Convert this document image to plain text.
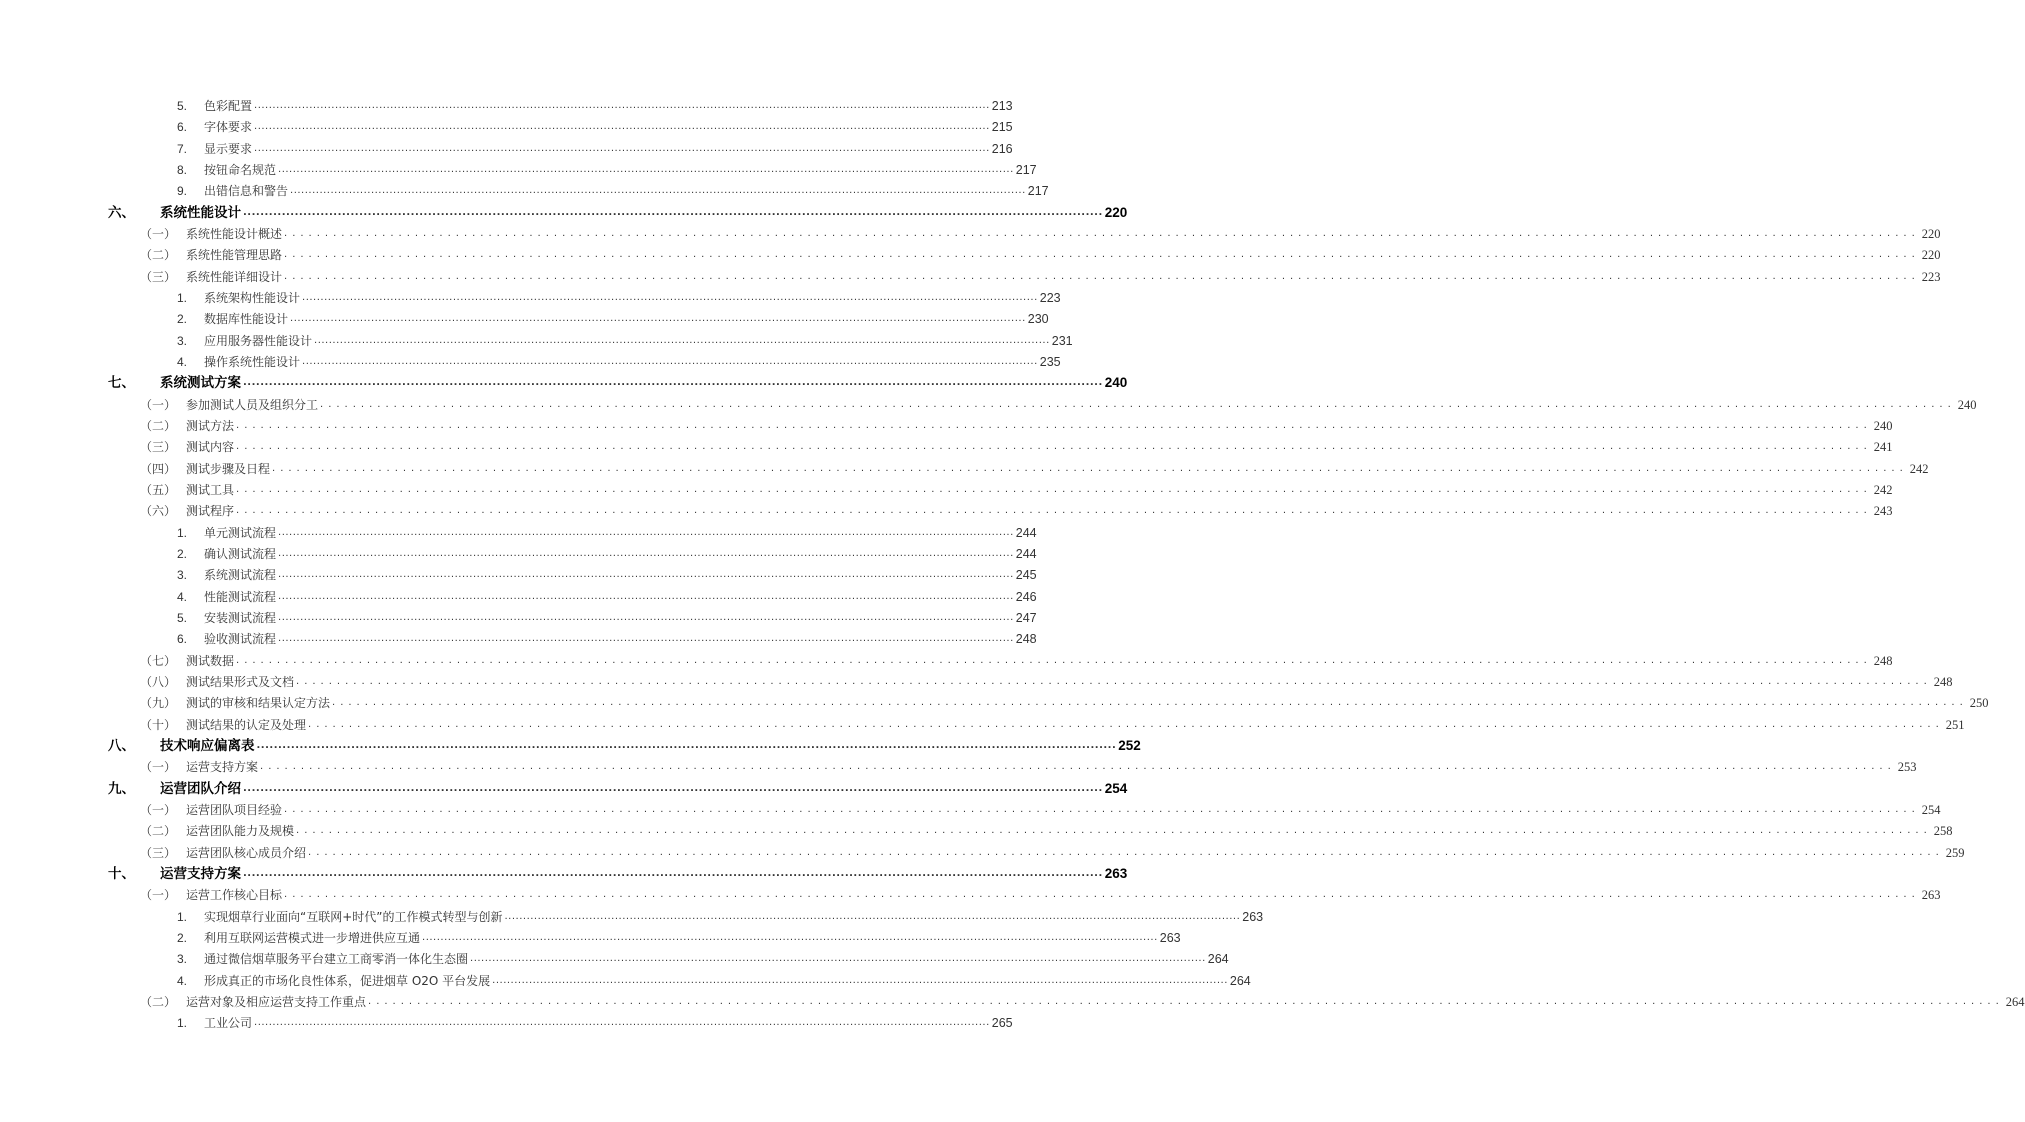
5.	色彩配置 ........................................................................................................................................................................................................ 213
6.	字体要求 ........................................................................................................................................................................................................ 215
7.	显示要求 ........................................................................................................................................................................................................ 216
8.	按钮命名规范 ........................................................................................................................................................................................................ 217
9.	出错信息和警告 ........................................................................................................................................................................................................ 217
六、	系统性能设计 ........................................................................................................................................................................................................ 220
（一） 系统性能设计概述 ........................................................................................................................................................................................................ 220
（二） 系统性能管理思路 ........................................................................................................................................................................................................ 220
（三） 系统性能详细设计 ........................................................................................................................................................................................................ 223
1.	系统架构性能设计 ........................................................................................................................................................................................................ 223
2.	数据库性能设计 ........................................................................................................................................................................................................ 230
3.	应用服务器性能设计 ........................................................................................................................................................................................................ 231
4.	操作系统性能设计 ........................................................................................................................................................................................................ 235
七、	系统测试方案 ........................................................................................................................................................................................................ 240
（一） 参加测试人员及组织分工 ........................................................................................................................................................................................................ 240
（二） 测试方法 ........................................................................................................................................................................................................ 240
（三） 测试内容 ........................................................................................................................................................................................................ 241
（四） 测试步骤及日程 ........................................................................................................................................................................................................ 242
（五） 测试工具 ........................................................................................................................................................................................................ 242
（六） 测试程序 ........................................................................................................................................................................................................ 243
1.	单元测试流程 ........................................................................................................................................................................................................ 244
2.	确认测试流程 ........................................................................................................................................................................................................ 244
3.	系统测试流程 ........................................................................................................................................................................................................ 245
4.	性能测试流程 ........................................................................................................................................................................................................ 246
5.	安装测试流程 ........................................................................................................................................................................................................ 247
6.	验收测试流程 ........................................................................................................................................................................................................ 248
（七） 测试数据 ........................................................................................................................................................................................................ 248
（八） 测试结果形式及文档 ........................................................................................................................................................................................................ 248
（九） 测试的审核和结果认定方法 ........................................................................................................................................................................................................ 250
（十） 测试结果的认定及处理 ........................................................................................................................................................................................................ 251
八、	技术响应偏离表 ........................................................................................................................................................................................................ 252
（一） 运营支持方案 ........................................................................................................................................................................................................ 253
九、	运营团队介绍 ........................................................................................................................................................................................................ 254
（一） 运营团队项目经验 ........................................................................................................................................................................................................ 254
（二） 运营团队能力及规模 ........................................................................................................................................................................................................ 258
（三） 运营团队核心成员介绍 ........................................................................................................................................................................................................ 259
十、	运营支持方案 ........................................................................................................................................................................................................ 263
（一） 运营工作核心目标 ........................................................................................................................................................................................................ 263
1.	实现烟草行业面向“互联网+时代”的工作模式转型与创新 ........................................................................................................................................................................................................ 263
2.	利用互联网运营模式进一步增进供应互通 ........................................................................................................................................................................................................ 263
3.	通过微信烟草服务平台建立工商零消一体化生态圈 ........................................................................................................................................................................................................ 264
4.	形成真正的市场化良性体系，促进烟草 O2O 平台发展 ........................................................................................................................................................................................................ 264
（二） 运营对象及相应运营支持工作重点 ........................................................................................................................................................................................................ 264
1.	工业公司 ........................................................................................................................................................................................................ 265
